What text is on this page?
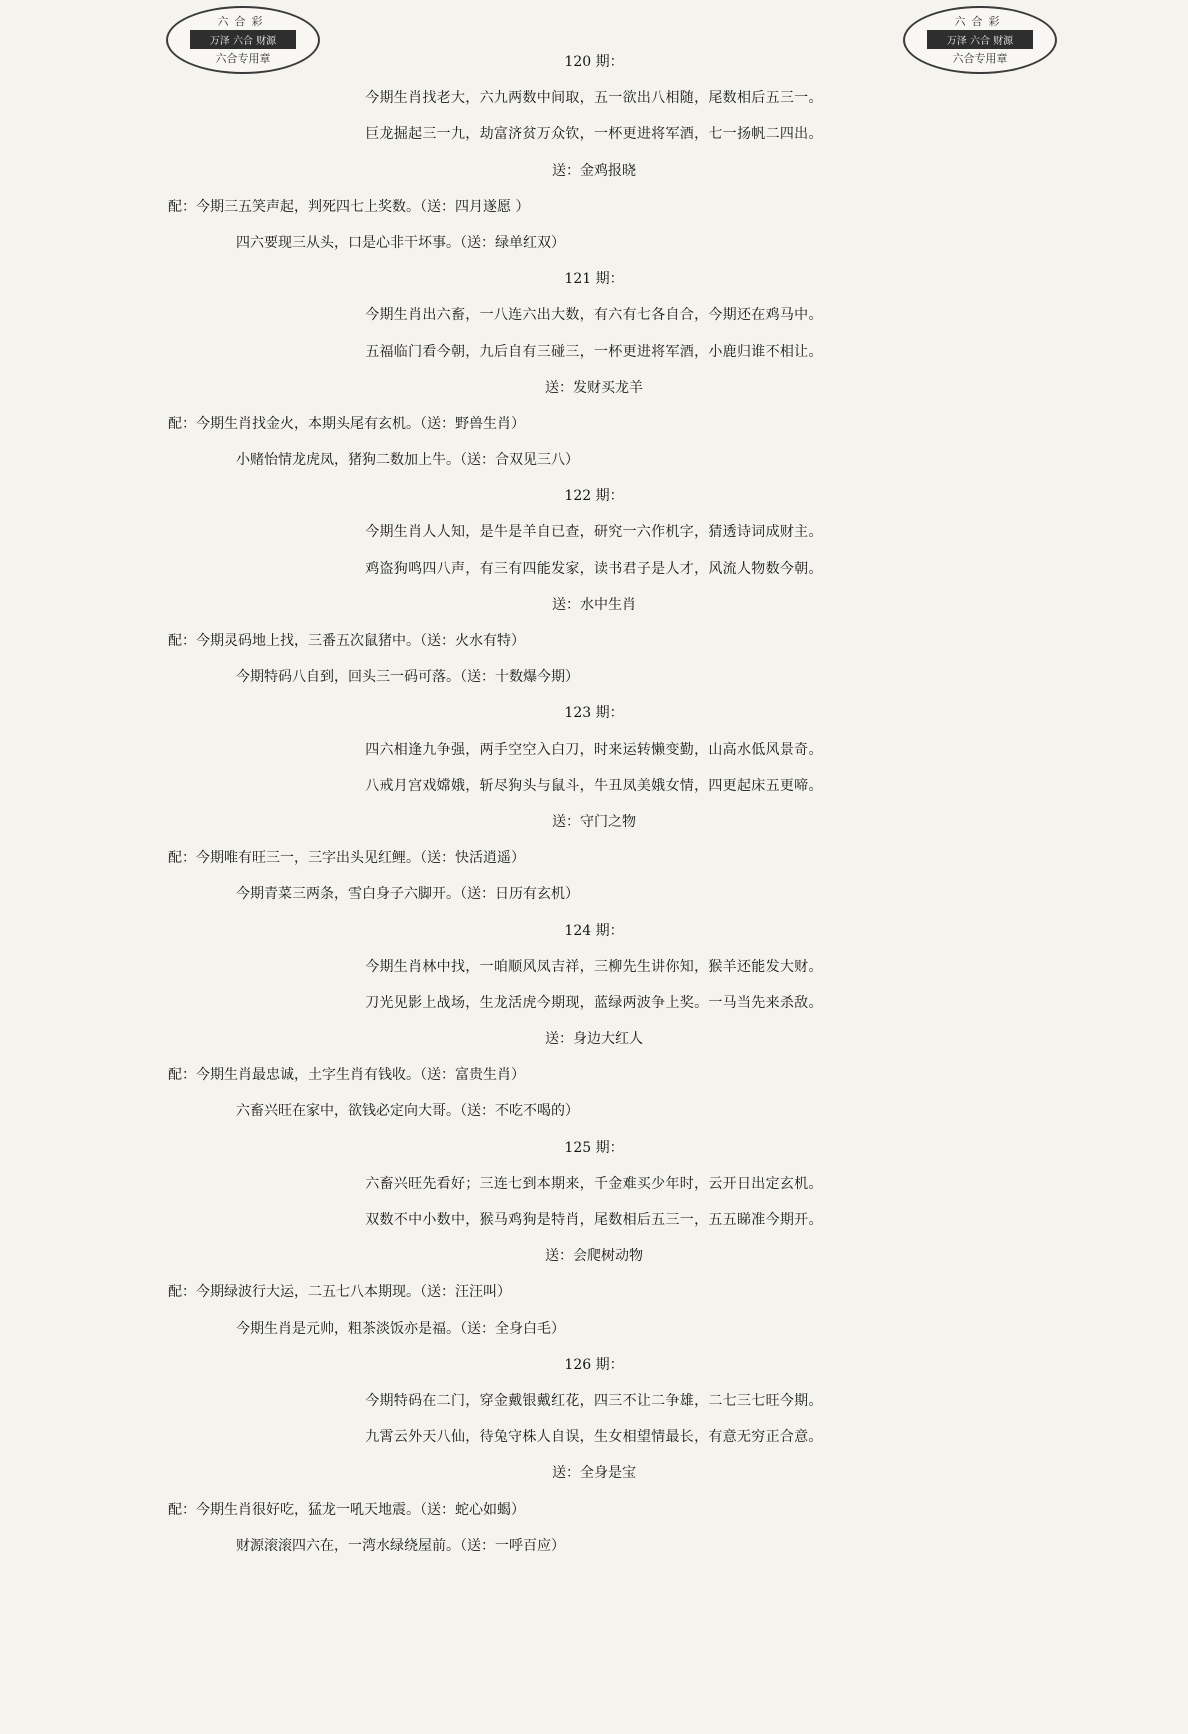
六合彩
万泽 六合 财源
六合专用章
六合彩
万泽 六合 财源
六合专用章
120 期：
今期生肖找老大，六九两数中间取，五一欲出八相随，尾数相后五三一。
巨龙掘起三一九，劫富济贫万众钦，一杯更进将军酒，七一扬帆二四出。
送：金鸡报晓
配：今期三五笑声起，判死四七上奖数。（送：四月遂愿 ）
四六要现三从头，口是心非干坏事。（送：绿单红双）
121 期：
今期生肖出六畜，一八连六出大数，有六有七各自合，今期还在鸡马中。
五福临门看今朝，九后自有三碰三，一杯更进将军酒，小鹿归谁不相让。
送：发财买龙羊
配：今期生肖找金火，本期头尾有玄机。（送：野兽生肖）
小赌怡情龙虎凤，猪狗二数加上牛。（送：合双见三八）
122 期：
今期生肖人人知，是牛是羊自已查，研究一六作机字，猜透诗词成财主。
鸡盗狗鸣四八声，有三有四能发家，读书君子是人才，风流人物数今朝。
送：水中生肖
配：今期灵码地上找，三番五次鼠猪中。（送：火水有特）
今期特码八自到，回头三一码可落。（送：十数爆今期）
123 期：
四六相逢九争强，两手空空入白刀，时来运转懒变勤，山高水低风景奇。
八戒月宫戏嫦娥，斩尽狗头与鼠斗，牛丑凤美娥女情，四更起床五更啼。
送：守门之物
配：今期唯有旺三一，三字出头见红鲤。（送：快活逍遥）
今期青菜三两条，雪白身子六脚开。（送：日历有玄机）
124 期：
今期生肖林中找，一咱顺风凤吉祥，三柳先生讲你知，猴羊还能发大财。
刀光见影上战场，生龙活虎今期现，蓝绿两波争上奖。一马当先来杀敌。
送：身边大红人
配：今期生肖最忠诚，土字生肖有钱收。（送：富贵生肖）
六畜兴旺在家中，欲钱必定向大哥。（送：不吃不喝的）
125 期：
六畜兴旺先看好；三连七到本期来，千金难买少年时，云开日出定玄机。
双数不中小数中，猴马鸡狗是特肖，尾数相后五三一，五五睇准今期开。
送：会爬树动物
配：今期绿波行大运，二五七八本期现。（送：汪汪叫）
今期生肖是元帅，粗茶淡饭亦是福。（送：全身白毛）
126 期：
今期特码在二门，穿金戴银戴红花，四三不让二争雄，二七三七旺今期。
九霄云外天八仙，待兔守株人自误，生女相望情最长，有意无穷正合意。
送：全身是宝
配：今期生肖很好吃，猛龙一吼天地震。（送：蛇心如蝎）
财源滚滚四六在，一湾水绿绕屋前。（送：一呼百应）
